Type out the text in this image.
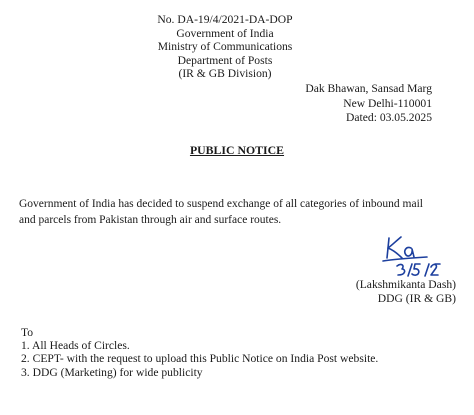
No. DA-19/4/2021-DA-DOP
Government of India
Ministry of Communications
Department of Posts
(IR & GB Division)
Dak Bhawan, Sansad Marg
New Delhi-110001
Dated: 03.05.2025
PUBLIC NOTICE
Government of India has decided to suspend exchange of all categories of inbound mail and parcels from Pakistan through air and surface routes.
(Lakshmikanta Dash)
DDG (IR & GB)
To
1. All Heads of Circles.
2. CEPT- with the request to upload this Public Notice on India Post website.
3. DDG (Marketing) for wide publicity
